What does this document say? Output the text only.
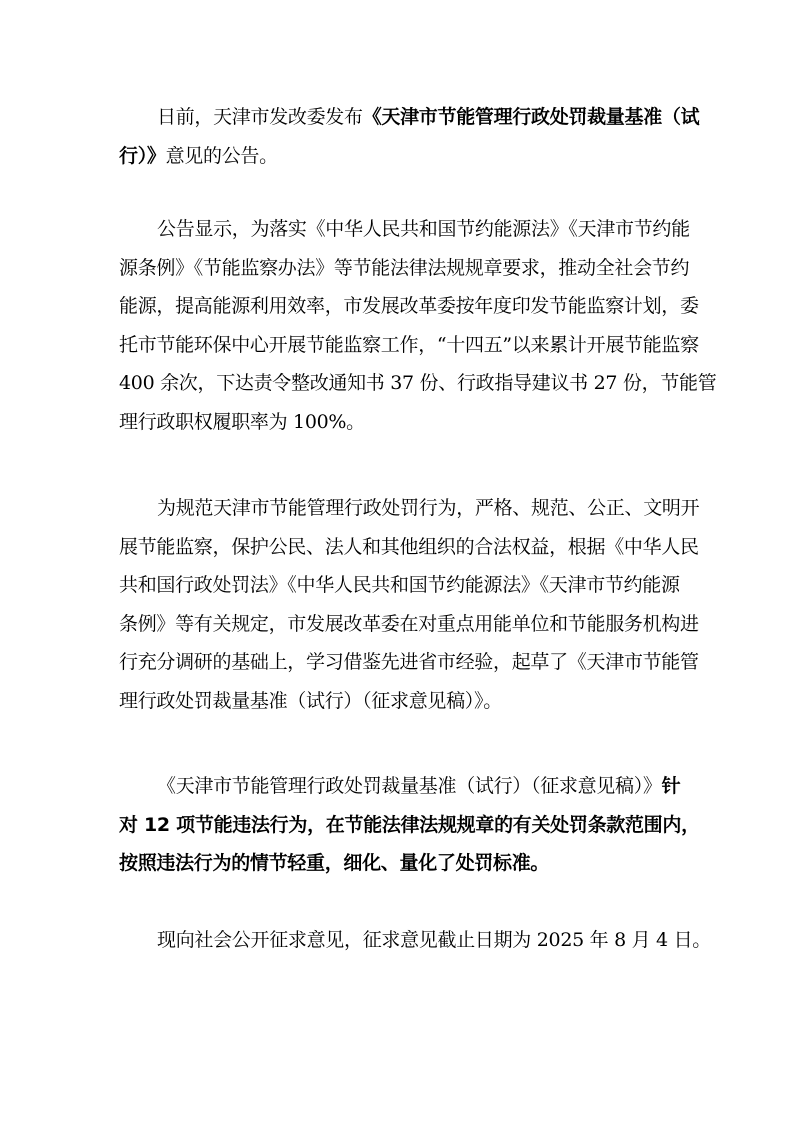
日前，天津市发改委发布《天津市节能管理行政处罚裁量基准（试
行）》意见的公告。

公告显示，为落实《中华人民共和国节约能源法》《天津市节约能
源条例》《节能监察办法》等节能法律法规规章要求，推动全社会节约
能源，提高能源利用效率，市发展改革委按年度印发节能监察计划，委
托市节能环保中心开展节能监察工作，“十四五”以来累计开展节能监察
400 余次，下达责令整改通知书 37 份、行政指导建议书 27 份，节能管
理行政职权履职率为 100%。

为规范天津市节能管理行政处罚行为，严格、规范、公正、文明开
展节能监察，保护公民、法人和其他组织的合法权益，根据《中华人民
共和国行政处罚法》《中华人民共和国节约能源法》《天津市节约能源
条例》等有关规定，市发展改革委在对重点用能单位和节能服务机构进
行充分调研的基础上，学习借鉴先进省市经验，起草了《天津市节能管
理行政处罚裁量基准（试行）（征求意见稿）》。

《天津市节能管理行政处罚裁量基准（试行）（征求意见稿）》针
对 12 项节能违法行为，在节能法律法规规章的有关处罚条款范围内，
按照违法行为的情节轻重，细化、量化了处罚标准。

现向社会公开征求意见，征求意见截止日期为 2025 年 8 月 4 日。
